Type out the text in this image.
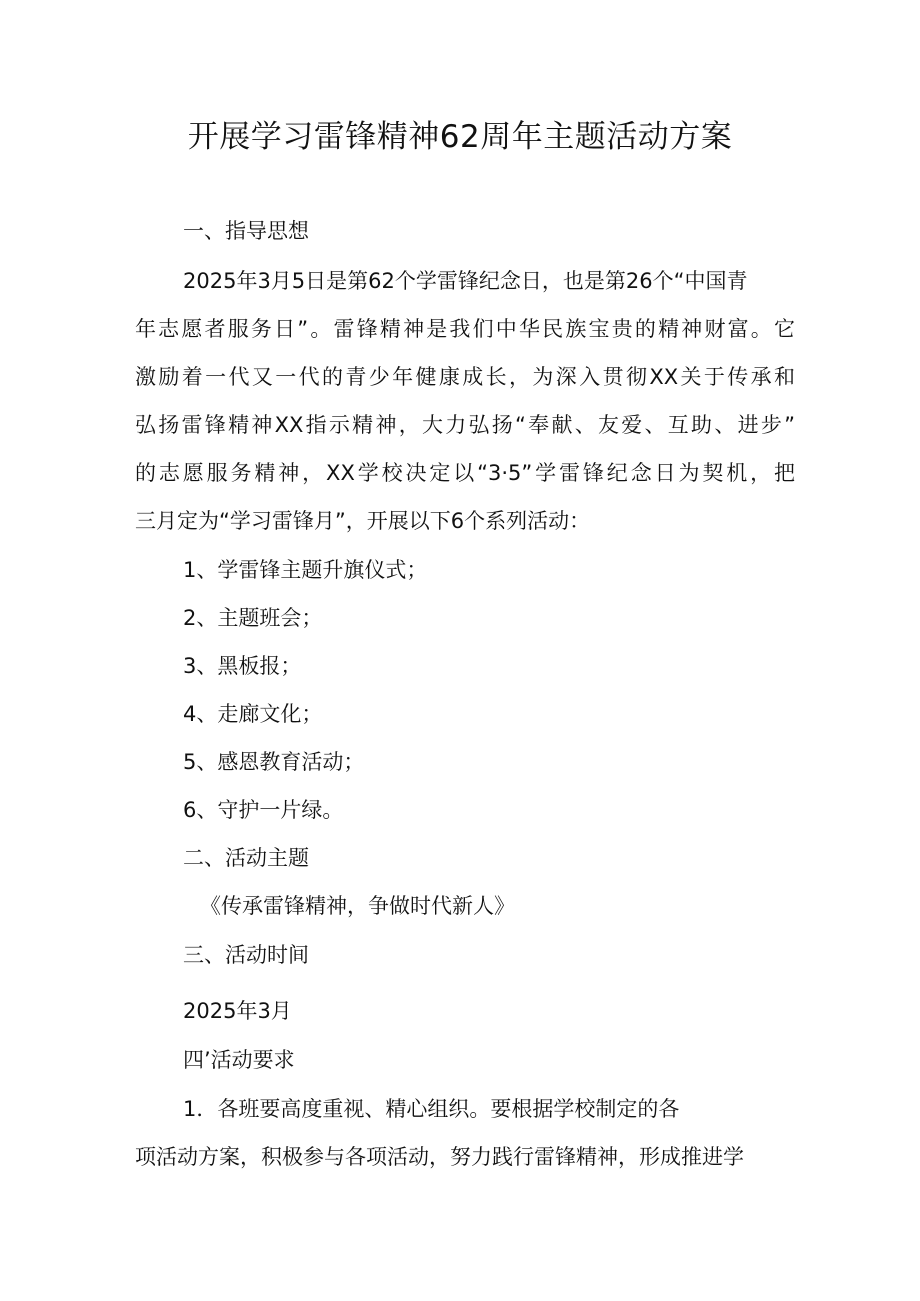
开展学习雷锋精神62周年主题活动方案

一、指导思想

2025年3月5日是第62个学雷锋纪念日，也是第26个“中国青

年志愿者服务日”。雷锋精神是我们中华民族宝贵的精神财富。它

激励着一代又一代的青少年健康成长，为深入贯彻XX关于传承和

弘扬雷锋精神XX指示精神，大力弘扬“奉献、友爱、互助、进步”

的志愿服务精神，XX学校决定以“3·5”学雷锋纪念日为契机，把

三月定为“学习雷锋月”，开展以下6个系列活动：

1、学雷锋主题升旗仪式；

2、主题班会；

3、黑板报；

4、走廊文化；

5、感恩教育活动；

6、守护一片绿。

二、活动主题

《传承雷锋精神，争做时代新人》

三、活动时间

2025年3月

四’活动要求

1．各班要高度重视、精心组织。要根据学校制定的各

项活动方案，积极参与各项活动，努力践行雷锋精神，形成推进学
